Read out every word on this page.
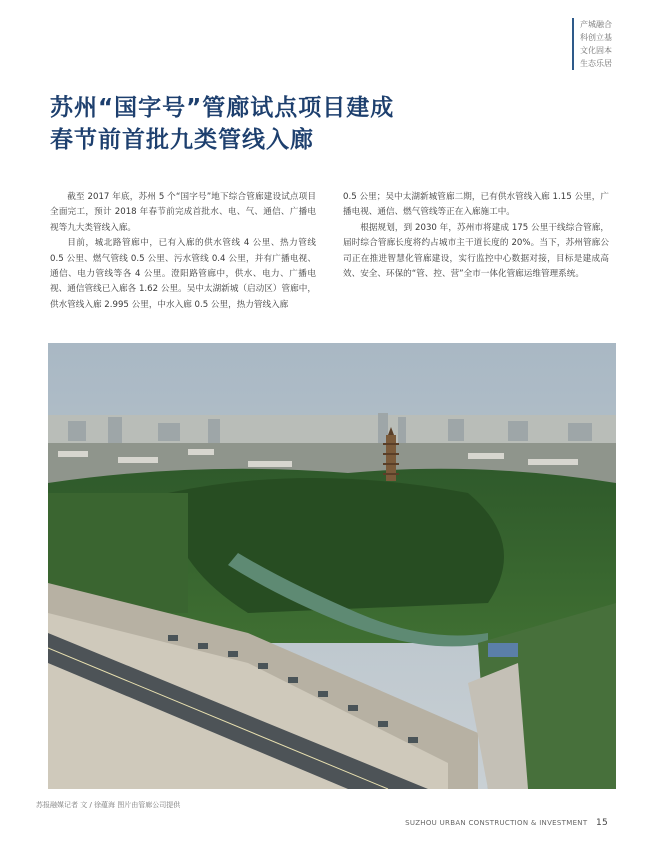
产城融合
科创立基
文化固本
生态乐居
苏州“国字号”管廊试点项目建成
春节前首批九类管线入廊

截至 2017 年底，苏州 5 个“国字号”地下综合管廊建设试点项目全面完工，预计 2018 年春节前完成首批水、电、气、通信、广播电视等九大类管线入廊。

目前，城北路管廊中，已有入廊的供水管线 4 公里、热力管线 0.5 公里、燃气管线 0.5 公里、污水管线 0.4 公里，并有广播电视、通信、电力管线等各 4 公里。澄阳路管廊中，供水、电力、广播电视、通信管线已入廊各 1.62 公里。吴中太湖新城（启动区）管廊中，供水管线入廊 2.995 公里，中水入廊 0.5 公里，热力管线入廊

0.5 公里；吴中太湖新城管廊二期，已有供水管线入廊 1.15 公里，广播电视、通信、燃气管线等正在入廊施工中。

根据规划，到 2030 年，苏州市将建成 175 公里干线综合管廊，届时综合管廊长度将约占城市主干道长度的 20%。当下，苏州管廊公司正在推进智慧化管廊建设，实行监控中心数据对接，目标是建成高效、安全、环保的“管、控、营”全市一体化管廊运维管理系统。

苏报融媒记者 文 / 徐蕴海 图片由管廊公司提供
SUZHOU URBAN CONSTRUCTION & INVESTMENT 15
